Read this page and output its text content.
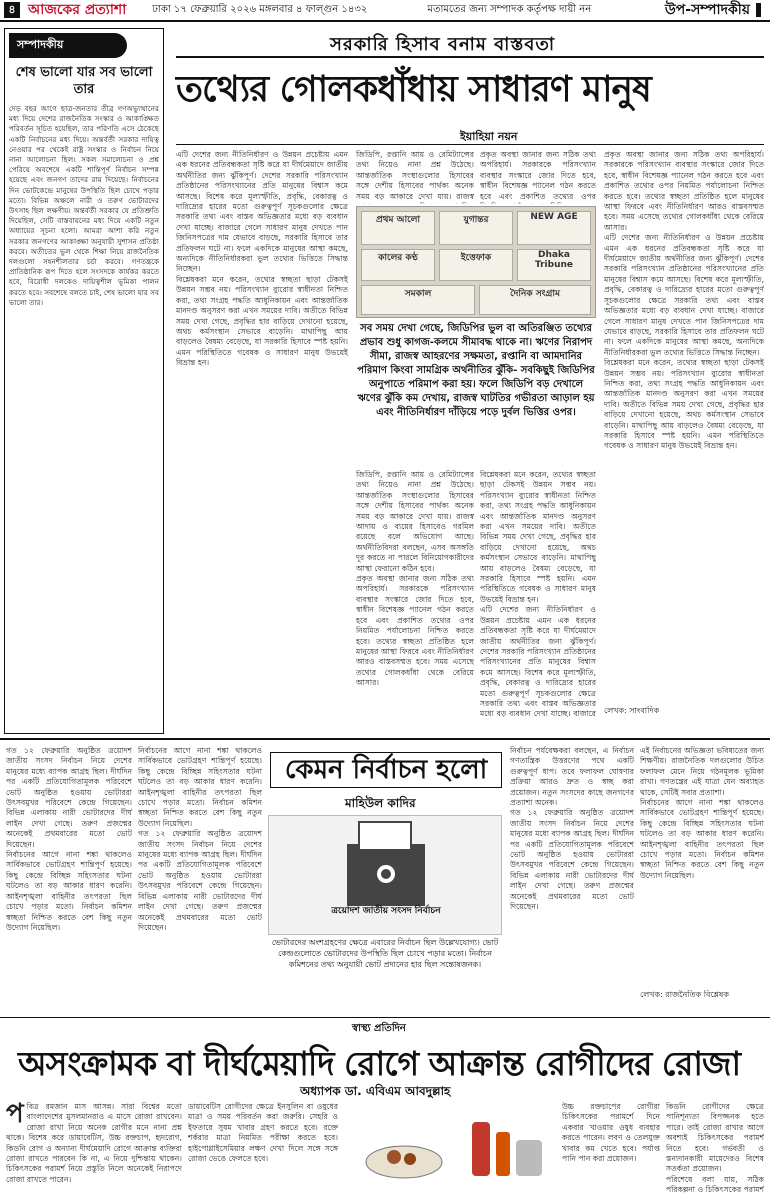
৪ আজকের প্রত্যাশা	ঢাকা ১৭ ফেব্রুয়ারি ২০২৬ মঙ্গলবার ৪ ফাল্গুন ১৪৩২	মতামতের জন্য সম্পাদক কর্তৃপক্ষ দায়ী নন	উপ-সম্পাদকীয়
সম্পাদকীয়
শেষ ভালো যার সব ভালো তার
দেড় বছর আগে ছাত্র-জনতার তীব্র গণঅভ্যুত্থানের মধ্য দিয়ে দেশের রাজনৈতিক সংস্কার ও আকাঙ্ক্ষিত পরিবর্তন সূচিত হয়েছিল, তার পরিণতি এসে ঠেকেছে একটি নির্বাচনের মধ্য দিয়ে। অন্তর্বর্তী সরকার দায়িত্ব নেওয়ার পর থেকেই রাষ্ট্র সংস্কার ও নির্বাচন নিয়ে নানা আলোচনা ছিল। সকল সমালোচনা ও প্রশ্ন পেরিয়ে অবশেষে একটি শান্তিপূর্ণ নির্বাচন সম্পন্ন হয়েছে এবং জনগণ তাদের রায় দিয়েছে। নির্বাচনের দিন ভোটকেন্দ্রে মানুষের উপস্থিতি ছিল চোখে পড়ার মতো। বিভিন্ন অঞ্চলে নারী ও তরুণ ভোটারদের উৎসাহ ছিল লক্ষণীয়। অন্তর্বর্তী সরকার যে প্রতিশ্রুতি দিয়েছিল, সেটি বাস্তবায়নের মধ্য দিয়ে একটি নতুন অধ্যায়ের সূচনা হলো। আমরা আশা করি নতুন সরকার জনগণের আকাঙ্ক্ষা অনুযায়ী সুশাসন প্রতিষ্ঠা করবে। অতীতের ভুল থেকে শিক্ষা নিয়ে রাজনৈতিক দলগুলো সহনশীলতার চর্চা করবে। গণতন্ত্রকে প্রাতিষ্ঠানিক রূপ দিতে হলে সংসদকে কার্যকর করতে হবে, বিরোধী দলকেও দায়িত্বশীল ভূমিকা পালন করতে হবে। সবশেষে বলতে চাই, শেষ ভালো যার সব ভালো তার।
সরকারি হিসাব বনাম বাস্তবতা
তথ্যের গোলকধাঁধায় সাধারণ মানুষ
ইয়াহিয়া নয়ন
এটি দেশের জন্য নীতিনির্ধারণ ও উন্নয়ন প্রচেষ্টায় এমন এক ধরনের প্রতিবন্ধকতা সৃষ্টি করে যা দীর্ঘমেয়াদে জাতীয় অর্থনীতির জন্য ঝুঁকিপূর্ণ। দেশের সরকারি পরিসংখ্যান প্রতিষ্ঠানের পরিসংখ্যানের প্রতি মানুষের বিশ্বাস কমে আসছে। বিশেষ করে মূল্যস্ফীতি, প্রবৃদ্ধি, বেকারত্ব ও দারিদ্র্যের হারের মতো গুরুত্বপূর্ণ সূচকগুলোর ক্ষেত্রে সরকারি তথ্য এবং বাস্তব অভিজ্ঞতার মধ্যে বড় ব্যবধান দেখা যাচ্ছে। বাজারে গেলে সাধারণ মানুষ দেখতে পান জিনিসপত্রের দাম যেভাবে বাড়ছে, সরকারি হিসাবে তার প্রতিফলন ঘটে না। ফলে একদিকে মানুষের আস্থা কমছে, অন্যদিকে নীতিনির্ধারকরা ভুল তথ্যের ভিত্তিতে সিদ্ধান্ত নিচ্ছেন।
বিশ্লেষকরা মনে করেন, তথ্যের স্বচ্ছতা ছাড়া টেকসই উন্নয়ন সম্ভব নয়। পরিসংখ্যান ব্যুরোর স্বাধীনতা নিশ্চিত করা, তথ্য সংগ্রহ পদ্ধতি আধুনিকায়ন এবং আন্তর্জাতিক মানদণ্ড অনুসরণ করা এখন সময়ের দাবি। অতীতে বিভিন্ন সময় দেখা গেছে, প্রবৃদ্ধির হার বাড়িয়ে দেখানো হয়েছে, অথচ কর্মসংস্থান সেভাবে বাড়েনি। মাথাপিছু আয় বাড়লেও বৈষম্য বেড়েছে, যা সরকারি হিসাবে স্পষ্ট হয়নি। এমন পরিস্থিতিতে গবেষক ও সাধারণ মানুষ উভয়েই বিভ্রান্ত হন।
জিডিপি, রপ্তানি আয় ও রেমিট্যান্সের তথ্য নিয়েও নানা প্রশ্ন উঠেছে। আন্তর্জাতিক সংস্থাগুলোর হিসাবের সঙ্গে দেশীয় হিসাবের পার্থক্য অনেক সময় বড় আকারে দেখা যায়। রাজস্ব
প্রকৃত অবস্থা জানার জন্য সঠিক তথ্য অপরিহার্য। সরকারকে পরিসংখ্যান ব্যবস্থার সংস্কারে জোর দিতে হবে, স্বাধীন বিশেষজ্ঞ প্যানেল গঠন করতে হবে এবং প্রকাশিত তথ্যের ওপর
প্রথম আলো	যুগান্তর	NEW AGE
কালের কণ্ঠ	ইত্তেফাক	Dhaka Tribune
সমকাল	দৈনিক সংগ্রাম
সব সময় দেখা গেছে, জিডিপির ভুল বা অতিরঞ্জিত তথ্যের প্রভাব শুধু কাগজ-কলমে সীমাবদ্ধ থাকে না। ঋণের নিরাপদ সীমা, রাজস্ব আহরণের সক্ষমতা, রপ্তানি বা আমদানির পরিমাণ কিংবা সামগ্রিক অর্থনীতির ঝুঁকি- সবকিছুই জিডিপির অনুপাতে পরিমাপ করা হয়। ফলে জিডিপি বড় দেখালে ঋণের ঝুঁকি কম দেখায়, রাজস্ব ঘাটতির গভীরতা আড়াল হয় এবং নীতিনির্ধারণ দাঁড়িয়ে পড়ে দুর্বল ভিত্তির ওপর।
জিডিপি, রপ্তানি আয় ও রেমিট্যান্সের তথ্য নিয়েও নানা প্রশ্ন উঠেছে। আন্তর্জাতিক সংস্থাগুলোর হিসাবের সঙ্গে দেশীয় হিসাবের পার্থক্য অনেক সময় বড় আকারে দেখা যায়। রাজস্ব আদায় ও ব্যয়ের হিসাবেও গরমিল রয়েছে বলে অভিযোগ আছে। অর্থনীতিবিদরা বলছেন, এসব অসঙ্গতি দূর করতে না পারলে বিনিয়োগকারীদের আস্থা ফেরানো কঠিন হবে।
প্রকৃত অবস্থা জানার জন্য সঠিক তথ্য অপরিহার্য। সরকারকে পরিসংখ্যান ব্যবস্থার সংস্কারে জোর দিতে হবে, স্বাধীন বিশেষজ্ঞ প্যানেল গঠন করতে হবে এবং প্রকাশিত তথ্যের ওপর নিয়মিত পর্যালোচনা নিশ্চিত করতে হবে। তথ্যের স্বচ্ছতা প্রতিষ্ঠিত হলে মানুষের আস্থা ফিরবে এবং নীতিনির্ধারণ আরও বাস্তবসম্মত হবে। সময় এসেছে তথ্যের গোলকধাঁধা থেকে বেরিয়ে আসার।
বিশ্লেষকরা মনে করেন, তথ্যের স্বচ্ছতা ছাড়া টেকসই উন্নয়ন সম্ভব নয়। পরিসংখ্যান ব্যুরোর স্বাধীনতা নিশ্চিত করা, তথ্য সংগ্রহ পদ্ধতি আধুনিকায়ন এবং আন্তর্জাতিক মানদণ্ড অনুসরণ করা এখন সময়ের দাবি। অতীতে বিভিন্ন সময় দেখা গেছে, প্রবৃদ্ধির হার বাড়িয়ে দেখানো হয়েছে, অথচ কর্মসংস্থান সেভাবে বাড়েনি। মাথাপিছু আয় বাড়লেও বৈষম্য বেড়েছে, যা সরকারি হিসাবে স্পষ্ট হয়নি। এমন পরিস্থিতিতে গবেষক ও সাধারণ মানুষ উভয়েই বিভ্রান্ত হন।
এটি দেশের জন্য নীতিনির্ধারণ ও উন্নয়ন প্রচেষ্টায় এমন এক ধরনের প্রতিবন্ধকতা সৃষ্টি করে যা দীর্ঘমেয়াদে জাতীয় অর্থনীতির জন্য ঝুঁকিপূর্ণ। দেশের সরকারি পরিসংখ্যান প্রতিষ্ঠানের পরিসংখ্যানের প্রতি মানুষের বিশ্বাস কমে আসছে। বিশেষ করে মূল্যস্ফীতি, প্রবৃদ্ধি, বেকারত্ব ও দারিদ্র্যের হারের মতো গুরুত্বপূর্ণ সূচকগুলোর ক্ষেত্রে সরকারি তথ্য এবং বাস্তব অভিজ্ঞতার মধ্যে বড় ব্যবধান দেখা যাচ্ছে। বাজারে
প্রকৃত অবস্থা জানার জন্য সঠিক তথ্য অপরিহার্য। সরকারকে পরিসংখ্যান ব্যবস্থার সংস্কারে জোর দিতে হবে, স্বাধীন বিশেষজ্ঞ প্যানেল গঠন করতে হবে এবং প্রকাশিত তথ্যের ওপর নিয়মিত পর্যালোচনা নিশ্চিত করতে হবে। তথ্যের স্বচ্ছতা প্রতিষ্ঠিত হলে মানুষের আস্থা ফিরবে এবং নীতিনির্ধারণ আরও বাস্তবসম্মত হবে। সময় এসেছে তথ্যের গোলকধাঁধা থেকে বেরিয়ে আসার।
এটি দেশের জন্য নীতিনির্ধারণ ও উন্নয়ন প্রচেষ্টায় এমন এক ধরনের প্রতিবন্ধকতা সৃষ্টি করে যা দীর্ঘমেয়াদে জাতীয় অর্থনীতির জন্য ঝুঁকিপূর্ণ। দেশের সরকারি পরিসংখ্যান প্রতিষ্ঠানের পরিসংখ্যানের প্রতি মানুষের বিশ্বাস কমে আসছে। বিশেষ করে মূল্যস্ফীতি, প্রবৃদ্ধি, বেকারত্ব ও দারিদ্র্যের হারের মতো গুরুত্বপূর্ণ সূচকগুলোর ক্ষেত্রে সরকারি তথ্য এবং বাস্তব অভিজ্ঞতার মধ্যে বড় ব্যবধান দেখা যাচ্ছে। বাজারে গেলে সাধারণ মানুষ দেখতে পান জিনিসপত্রের দাম যেভাবে বাড়ছে, সরকারি হিসাবে তার প্রতিফলন ঘটে না। ফলে একদিকে মানুষের আস্থা কমছে, অন্যদিকে নীতিনির্ধারকরা ভুল তথ্যের ভিত্তিতে সিদ্ধান্ত নিচ্ছেন।
বিশ্লেষকরা মনে করেন, তথ্যের স্বচ্ছতা ছাড়া টেকসই উন্নয়ন সম্ভব নয়। পরিসংখ্যান ব্যুরোর স্বাধীনতা নিশ্চিত করা, তথ্য সংগ্রহ পদ্ধতি আধুনিকায়ন এবং আন্তর্জাতিক মানদণ্ড অনুসরণ করা এখন সময়ের দাবি। অতীতে বিভিন্ন সময় দেখা গেছে, প্রবৃদ্ধির হার বাড়িয়ে দেখানো হয়েছে, অথচ কর্মসংস্থান সেভাবে বাড়েনি। মাথাপিছু আয় বাড়লেও বৈষম্য বেড়েছে, যা সরকারি হিসাবে স্পষ্ট হয়নি। এমন পরিস্থিতিতে গবেষক ও সাধারণ মানুষ উভয়েই বিভ্রান্ত হন।
লেখক: সাংবাদিক
গত ১২ ফেব্রুয়ারি অনুষ্ঠিত ত্রয়োদশ জাতীয় সংসদ নির্বাচন নিয়ে দেশের মানুষের মধ্যে ব্যাপক আগ্রহ ছিল। দীর্ঘদিন পর একটি প্রতিযোগিতামূলক পরিবেশে ভোট অনুষ্ঠিত হওয়ায় ভোটাররা উৎসবমুখর পরিবেশে কেন্দ্রে গিয়েছেন। বিভিন্ন এলাকায় নারী ভোটারদের দীর্ঘ লাইন দেখা গেছে। তরুণ প্রজন্মের অনেকেই প্রথমবারের মতো ভোট দিয়েছেন।
নির্বাচনের আগে নানা শঙ্কা থাকলেও সার্বিকভাবে ভোটগ্রহণ শান্তিপূর্ণ হয়েছে। কিছু কেন্দ্রে বিচ্ছিন্ন সহিংসতার ঘটনা ঘটলেও তা বড় আকার ধারণ করেনি। আইনশৃঙ্খলা বাহিনীর তৎপরতা ছিল চোখে পড়ার মতো। নির্বাচন কমিশন স্বচ্ছতা নিশ্চিত করতে বেশ কিছু নতুন উদ্যোগ নিয়েছিল।
নির্বাচনের আগে নানা শঙ্কা থাকলেও সার্বিকভাবে ভোটগ্রহণ শান্তিপূর্ণ হয়েছে। কিছু কেন্দ্রে বিচ্ছিন্ন সহিংসতার ঘটনা ঘটলেও তা বড় আকার ধারণ করেনি। আইনশৃঙ্খলা বাহিনীর তৎপরতা ছিল চোখে পড়ার মতো। নির্বাচন কমিশন স্বচ্ছতা নিশ্চিত করতে বেশ কিছু নতুন উদ্যোগ নিয়েছিল।
গত ১২ ফেব্রুয়ারি অনুষ্ঠিত ত্রয়োদশ জাতীয় সংসদ নির্বাচন নিয়ে দেশের মানুষের মধ্যে ব্যাপক আগ্রহ ছিল। দীর্ঘদিন পর একটি প্রতিযোগিতামূলক পরিবেশে ভোট অনুষ্ঠিত হওয়ায় ভোটাররা উৎসবমুখর পরিবেশে কেন্দ্রে গিয়েছেন। বিভিন্ন এলাকায় নারী ভোটারদের দীর্ঘ লাইন দেখা গেছে। তরুণ প্রজন্মের অনেকেই প্রথমবারের মতো ভোট দিয়েছেন।
কেমন নির্বাচন হলো
মাহিউল কাদির
ত্রয়োদশ জাতীয় সংসদ নির্বাচন
ভোটারদের অংশগ্রহণের ক্ষেত্রে এবারের নির্বাচন ছিল উল্লেখযোগ্য। ভোট কেন্দ্রগুলোতে ভোটারদের উপস্থিতি ছিল চোখে পড়ার মতো। নির্বাচন কমিশনের তথ্য অনুযায়ী ভোট প্রদানের হার ছিল সন্তোষজনক।
নির্বাচন পর্যবেক্ষকরা বলছেন, এ নির্বাচন গণতান্ত্রিক উত্তরণের পথে একটি গুরুত্বপূর্ণ ধাপ। তবে ফলাফল ঘোষণার প্রক্রিয়া আরও দ্রুত ও স্বচ্ছ করা প্রয়োজন। নতুন সংসদের কাছে জনগণের প্রত্যাশা অনেক।
গত ১২ ফেব্রুয়ারি অনুষ্ঠিত ত্রয়োদশ জাতীয় সংসদ নির্বাচন নিয়ে দেশের মানুষের মধ্যে ব্যাপক আগ্রহ ছিল। দীর্ঘদিন পর একটি প্রতিযোগিতামূলক পরিবেশে ভোট অনুষ্ঠিত হওয়ায় ভোটাররা উৎসবমুখর পরিবেশে কেন্দ্রে গিয়েছেন। বিভিন্ন এলাকায় নারী ভোটারদের দীর্ঘ লাইন দেখা গেছে। তরুণ প্রজন্মের অনেকেই প্রথমবারের মতো ভোট দিয়েছেন।
এই নির্বাচনের অভিজ্ঞতা ভবিষ্যতের জন্য শিক্ষণীয়। রাজনৈতিক দলগুলোর উচিত ফলাফল মেনে নিয়ে গঠনমূলক ভূমিকা রাখা। গণতন্ত্রের এই যাত্রা যেন অব্যাহত থাকে, সেটিই সবার প্রত্যাশা।
নির্বাচনের আগে নানা শঙ্কা থাকলেও সার্বিকভাবে ভোটগ্রহণ শান্তিপূর্ণ হয়েছে। কিছু কেন্দ্রে বিচ্ছিন্ন সহিংসতার ঘটনা ঘটলেও তা বড় আকার ধারণ করেনি। আইনশৃঙ্খলা বাহিনীর তৎপরতা ছিল চোখে পড়ার মতো। নির্বাচন কমিশন স্বচ্ছতা নিশ্চিত করতে বেশ কিছু নতুন উদ্যোগ নিয়েছিল।
লেখক: রাজনৈতিক বিশ্লেষক
স্বাস্থ্য প্রতিদিন
অসংক্রামক বা দীর্ঘমেয়াদি রোগে আক্রান্ত রোগীদের রোজা
অধ্যাপক ডা. এবিএম আবদুল্লাহ
প বিত্র রমজান মাস আসন্ন। সারা বিশ্বের মতো বাংলাদেশের মুসলমানরাও এ মাসে রোজা রাখবেন। রোজা রাখা নিয়ে অনেক রোগীর মনে নানা প্রশ্ন থাকে। বিশেষ করে ডায়াবেটিস, উচ্চ রক্তচাপ, হৃদরোগ, কিডনি রোগ ও অন্যান্য দীর্ঘমেয়াদি রোগে আক্রান্ত ব্যক্তিরা রোজা রাখতে পারবেন কি না, এ নিয়ে দুশ্চিন্তায় থাকেন। চিকিৎসকের পরামর্শ নিয়ে প্রস্তুতি নিলে অনেকেই নিরাপদে রোজা রাখতে পারেন।
ডায়াবেটিস রোগীদের ক্ষেত্রে ইনসুলিন বা ওষুধের মাত্রা ও সময় পরিবর্তন করা জরুরি। সেহরি ও ইফতারে সুষম খাবার গ্রহণ করতে হবে। রক্তে শর্করার মাত্রা নিয়মিত পরীক্ষা করতে হবে। হাইপোগ্লাইসেমিয়ার লক্ষণ দেখা দিলে সঙ্গে সঙ্গে রোজা ভেঙে ফেলতে হবে।
উচ্চ রক্তচাপের রোগীরা চিকিৎসকের পরামর্শে দিনে একবার খাওয়ার ওষুধ ব্যবহার করতে পারেন। লবণ ও তেলযুক্ত খাবার কম খেতে হবে। পর্যাপ্ত পানি পান করা প্রয়োজন।
কিডনি রোগীদের ক্ষেত্রে পানিশূন্যতা বিপজ্জনক হতে পারে। তাই রোজা রাখার আগে অবশ্যই চিকিৎসকের পরামর্শ নিতে হবে। গর্ভবতী ও স্তন্যদানকারী মায়েদেরও বিশেষ সতর্কতা প্রয়োজন।
পরিশেষে বলা যায়, সঠিক পরিকল্পনা ও চিকিৎসকের পরামর্শ
